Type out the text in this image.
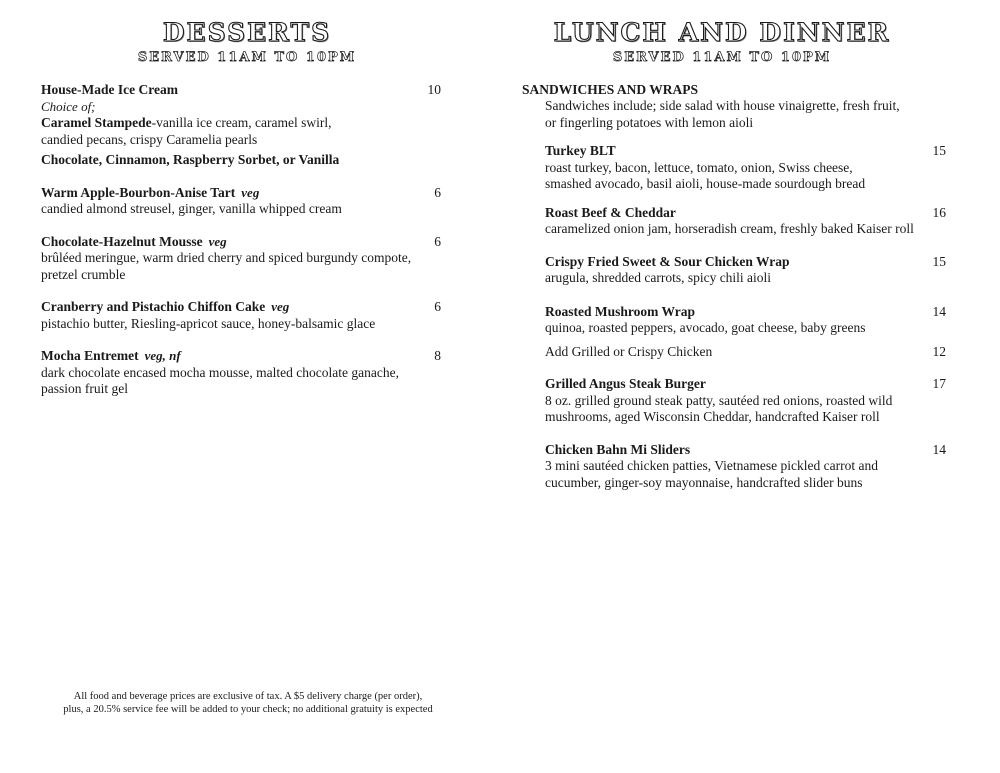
DESSERTS
SERVED 11AM TO 10PM
House-Made Ice Cream	10
Choice of;
Caramel Stampede-vanilla ice cream, caramel swirl,
candied pecans, crispy Caramelia pearls
Chocolate, Cinnamon, Raspberry Sorbet, or Vanilla
Warm Apple-Bourbon-Anise Tart veg	6
candied almond streusel, ginger, vanilla whipped cream
Chocolate-Hazelnut Mousse veg	6
brûléed meringue, warm dried cherry and spiced burgundy compote, pretzel crumble
Cranberry and Pistachio Chiffon Cake veg	6
pistachio butter, Riesling-apricot sauce, honey-balsamic glace
Mocha Entremet veg, nf	8
dark chocolate encased mocha mousse, malted chocolate ganache, passion fruit gel
All food and beverage prices are exclusive of tax. A $5 delivery charge (per order),
plus, a 20.5% service fee will be added to your check; no additional gratuity is expected
LUNCH AND DINNER
SERVED 11AM TO 10PM
SANDWICHES AND WRAPS
Sandwiches include; side salad with house vinaigrette, fresh fruit,
or fingerling potatoes with lemon aioli
Turkey BLT	15
roast turkey, bacon, lettuce, tomato, onion, Swiss cheese, smashed avocado, basil aioli, house-made sourdough bread
Roast Beef & Cheddar	16
caramelized onion jam, horseradish cream, freshly baked Kaiser roll
Crispy Fried Sweet & Sour Chicken Wrap	15
arugula, shredded carrots, spicy chili aioli
Roasted Mushroom Wrap	14
quinoa, roasted peppers, avocado, goat cheese, baby greens
Add Grilled or Crispy Chicken	12
Grilled Angus Steak Burger	17
8 oz. grilled ground steak patty, sautéed red onions, roasted wild mushrooms, aged Wisconsin Cheddar, handcrafted Kaiser roll
Chicken Bahn Mi Sliders	14
3 mini sautéed chicken patties, Vietnamese pickled carrot and cucumber, ginger-soy mayonnaise, handcrafted slider buns
